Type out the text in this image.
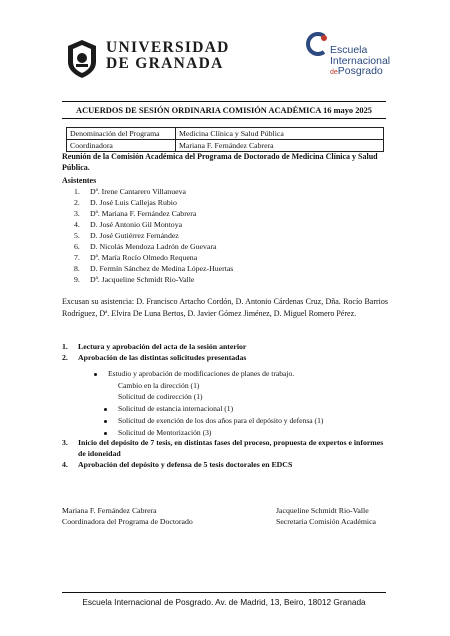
UNIVERSIDAD
DE GRANADA
Escuela
Internacional
dePosgrado
ACUERDOS DE SESIÓN ORDINARIA COMISIÓN ACADÉMICA 16 mayo 2025
Denominación del Programa	Medicina Clínica y Salud Pública
Coordinadora	Mariana F. Fernández Cabrera
Reunión de la Comisión Académica del Programa de Doctorado de Medicina Clínica y Salud Pública.
Asistentes
1. Dª. Irene Cantarero Villanueva
2. D. José Luis Callejas Rubio
3. Dª. Mariana F. Fernández Cabrera
4. D. José Antonio Gil Montoya
5. D. José Gutiérrez Fernández
6. D. Nicolás Mendoza Ladrón de Guevara
7. Dª. María Rocío Olmedo Requena
8. D. Fermín Sánchez de Medina López-Huertas
9. Dª. Jacqueline Schmidt Rio-Valle
Excusan su asistencia: D. Francisco Artacho Cordón, D. Antonio Cárdenas Cruz, Dña. Rocío Barrios Rodríguez, Dª. Elvira De Luna Bertos, D. Javier Gómez Jiménez, D. Miguel Romero Pérez.
1. Lectura y aprobación del acta de la sesión anterior
2. Aprobación de las distintas solicitudes presentadas
Estudio y aprobación de modificaciones de planes de trabajo.
Cambio en la dirección (1)
Solicitud de codirección (1)
Solicitud de estancia internacional (1)
Solicitud de exención de los dos años para el depósito y defensa (1)
Solicitud de Mentorización (3)
3. Inicio del depósito de 7 tesis, en distintas fases del proceso, propuesta de expertos e informes de idoneidad
4. Aprobación del depósito y defensa de 5 tesis doctorales en EDCS
Mariana F. Fernández Cabrera
Coordinadora del Programa de Doctorado
Jacqueline Schmidt Rio-Valle
Secretaria Comisión Académica
Escuela Internacional de Posgrado. Av. de Madrid, 13, Beiro, 18012 Granada
